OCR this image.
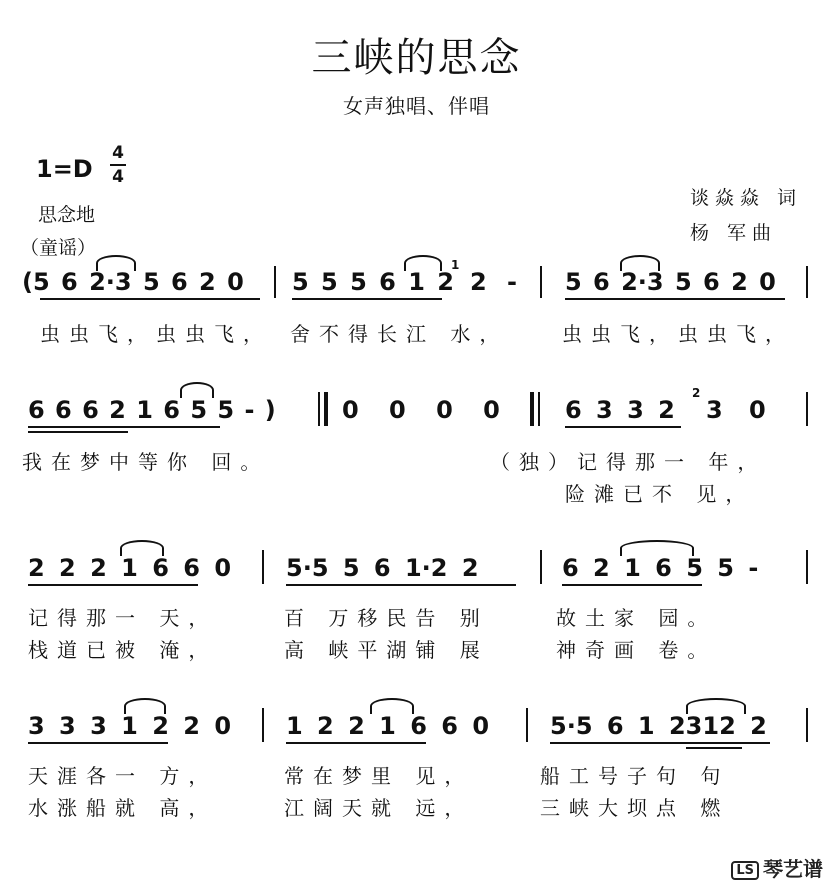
三峡的思念
女声独唱、伴唱
1=D
4
4
思念地
谈焱焱 词
杨 军曲
（童谣）
(5 6 2·3 5 6 2 0 5 5 5 6 1 2
1
2 - 5 6 2·3 5 6 2 0
虫虫飞，虫虫飞， 舍不得长江 水，	虫虫飞，虫虫飞，
6 6 6 2 1 6 5 5 - )	0 0 0 0	6 3 3 2
2
3 0
我在梦中等你 回。	（独）记得那一 年，
险滩已不 见，
2 2 2 1 6 6 0 5·5 5 6 1·2 2	6 2 1 6 5 5 -
记得那一 天，	百 万移民告 别	故土家 园。
栈道已被 淹，	高 峡平湖铺 展	神奇画 卷。
3 3 3 1 2 2 0 1 2 2 1 6 6 0	5·5 6 1 2312 2
天涯各一 方，	常在梦里 见，	船工号子句 句
水涨船就 高，	江阔天就 远，	三峡大坝点 燃
LS 琴艺谱
